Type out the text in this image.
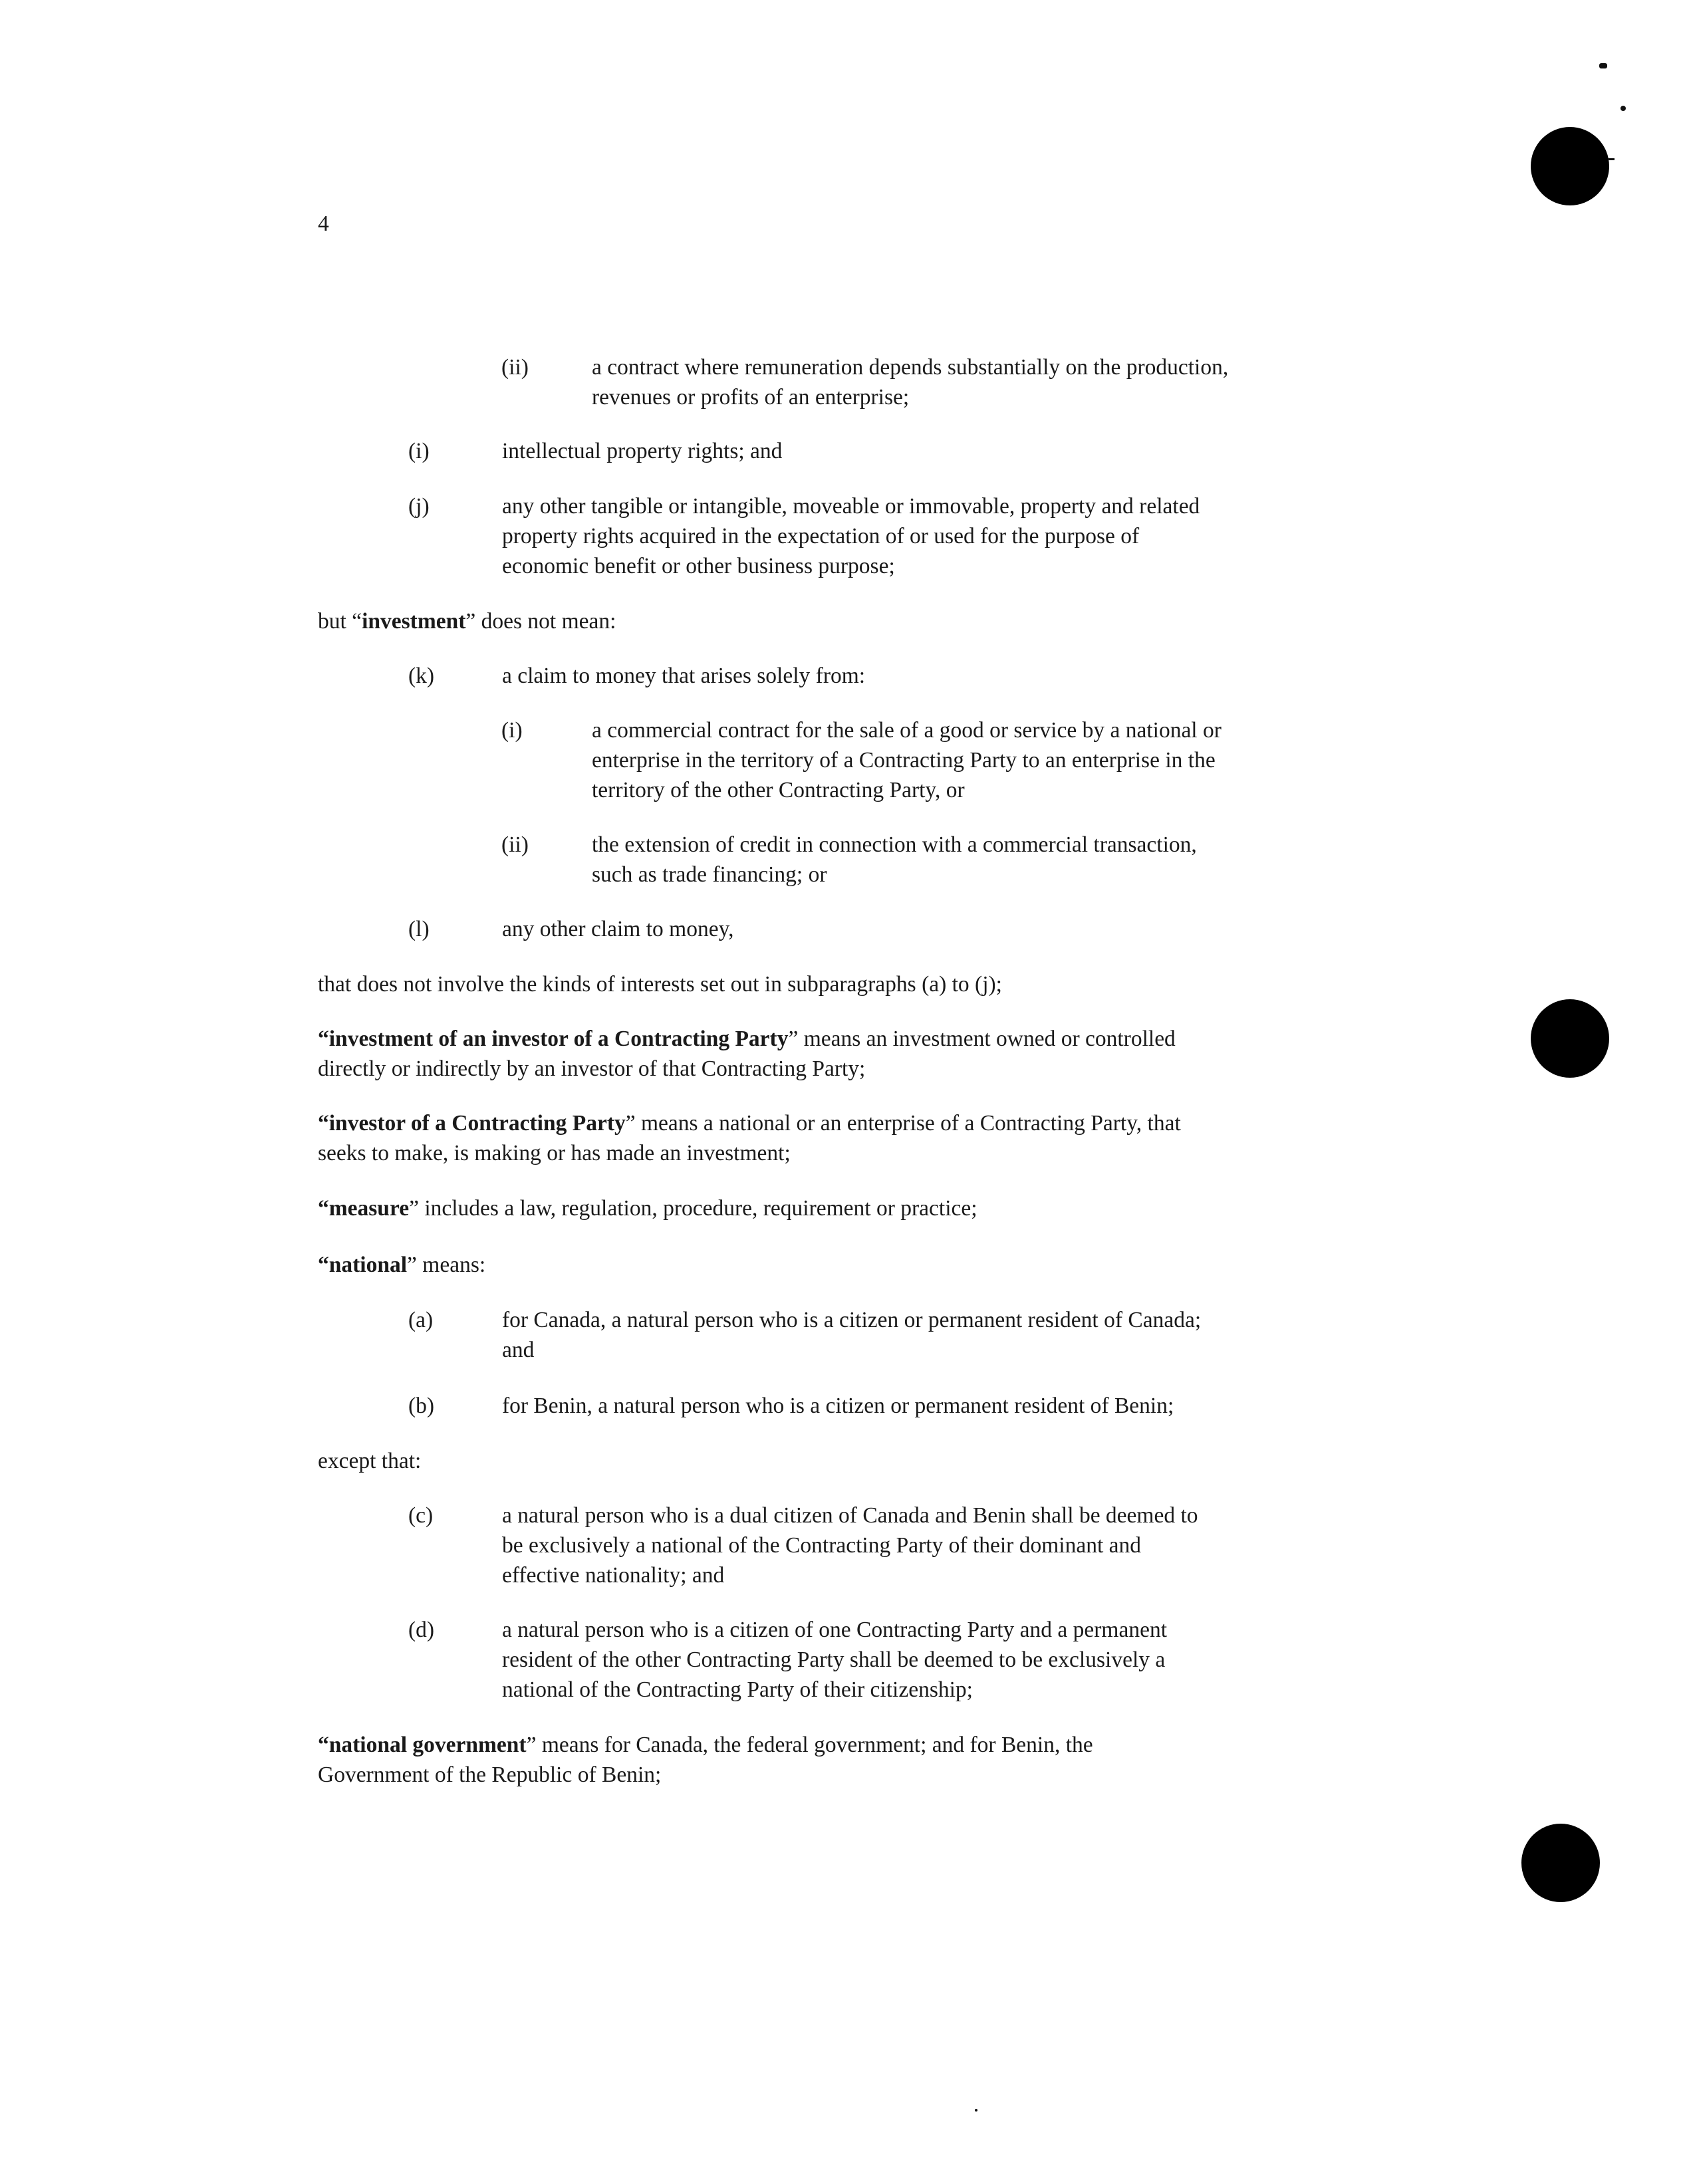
4
(ii)	a contract where remuneration depends substantially on the production,
revenues or profits of an enterprise;
(i)	intellectual property rights; and
(j)	any other tangible or intangible, moveable or immovable, property and related
property rights acquired in the expectation of or used for the purpose of
economic benefit or other business purpose;
but “investment” does not mean:
(k)	a claim to money that arises solely from:
(i)	a commercial contract for the sale of a good or service by a national or
enterprise in the territory of a Contracting Party to an enterprise in the
territory of the other Contracting Party, or
(ii)	the extension of credit in connection with a commercial transaction,
such as trade financing; or
(l)	any other claim to money,
that does not involve the kinds of interests set out in subparagraphs (a) to (j);
“investment of an investor of a Contracting Party” means an investment owned or controlled
directly or indirectly by an investor of that Contracting Party;
“investor of a Contracting Party” means a national or an enterprise of a Contracting Party, that
seeks to make, is making or has made an investment;
“measure” includes a law, regulation, procedure, requirement or practice;
“national” means:
(a)	for Canada, a natural person who is a citizen or permanent resident of Canada;
and
(b)	for Benin, a natural person who is a citizen or permanent resident of Benin;
except that:
(c)	a natural person who is a dual citizen of Canada and Benin shall be deemed to
be exclusively a national of the Contracting Party of their dominant and
effective nationality; and
(d)	a natural person who is a citizen of one Contracting Party and a permanent
resident of the other Contracting Party shall be deemed to be exclusively a
national of the Contracting Party of their citizenship;
“national government” means for Canada, the federal government; and for Benin, the
Government of the Republic of Benin;
